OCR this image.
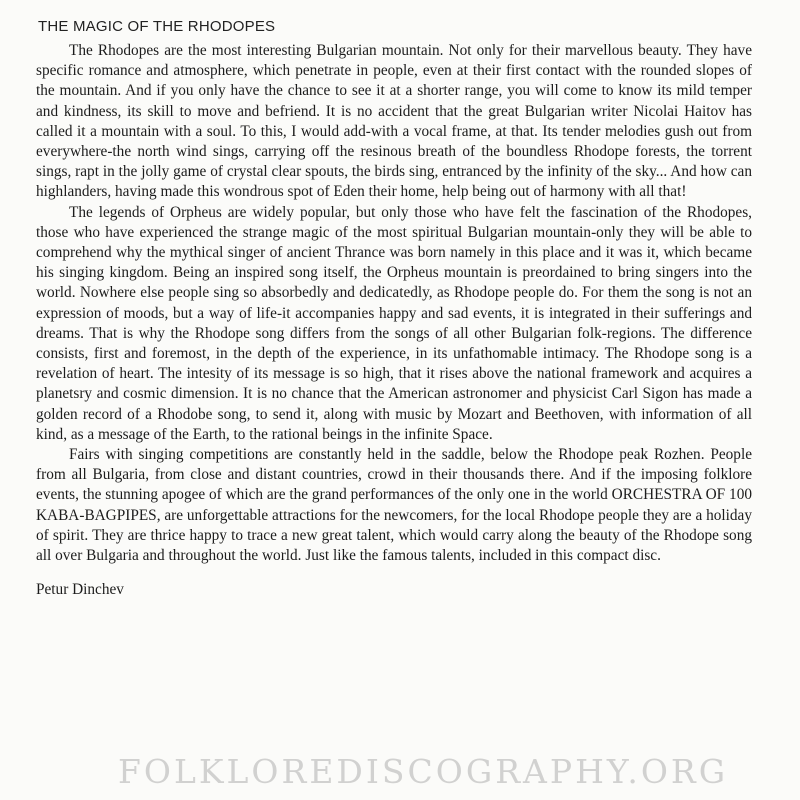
THE MAGIC OF THE RHODOPES

The Rhodopes are the most interesting Bulgarian mountain. Not only for their marvellous beauty. They have specific romance and atmosphere, which penetrate in people, even at their first contact with the rounded slopes of the mountain. And if you only have the chance to see it at a shorter range, you will come to know its mild temper and kindness, its skill to move and befriend. It is no accident that the great Bulgarian writer Nicolai Haitov has called it a mountain with a soul. To this, I would add-with a vocal frame, at that. Its tender melodies gush out from everywhere-the north wind sings, carrying off the resinous breath of the boundless Rhodope forests, the torrent sings, rapt in the jolly game of crystal clear spouts, the birds sing, entranced by the infinity of the sky... And how can highlanders, having made this wondrous spot of Eden their home, help being out of harmony with all that!

The legends of Orpheus are widely popular, but only those who have felt the fascination of the Rhodopes, those who have experienced the strange magic of the most spiritual Bulgarian mountain-only they will be able to comprehend why the mythical singer of ancient Thrance was born namely in this place and it was it, which became his singing kingdom. Being an inspired song itself, the Orpheus mountain is preordained to bring singers into the world. Nowhere else people sing so absorbedly and dedicatedly, as Rhodope people do. For them the song is not an expression of moods, but a way of life-it accompanies happy and sad events, it is integrated in their sufferings and dreams. That is why the Rhodope song differs from the songs of all other Bulgarian folk-regions. The difference consists, first and foremost, in the depth of the experience, in its unfathomable intimacy. The Rhodope song is a revelation of heart. The intesity of its message is so high, that it rises above the national framework and acquires a planetsry and cosmic dimension. It is no chance that the American astronomer and physicist Carl Sigon has made a golden record of a Rhodobe song, to send it, along with music by Mozart and Beethoven, with information of all kind, as a message of the Earth, to the rational beings in the infinite Space.

Fairs with singing competitions are constantly held in the saddle, below the Rhodope peak Rozhen. People from all Bulgaria, from close and distant countries, crowd in their thousands there. And if the imposing folklore events, the stunning apogee of which are the grand performances of the only one in the world ORCHESTRA OF 100 KABA-BAGPIPES, are unforgettable attractions for the newcomers, for the local Rhodope people they are a holiday of spirit. They are thrice happy to trace a new great talent, which would carry along the beauty of the Rhodope song all over Bulgaria and throughout the world. Just like the famous talents, included in this compact disc.

Petur Dinchev

FOLKLOREDISCOGRAPHY.ORG
